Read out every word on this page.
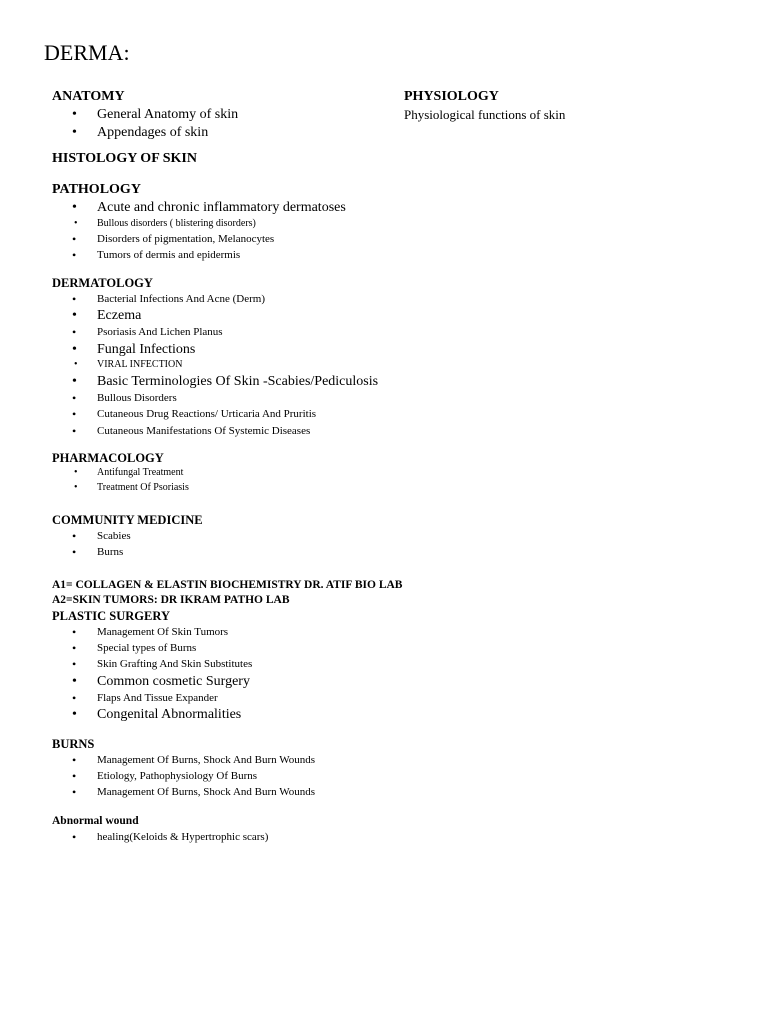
DERMA:
ANATOMY
• General Anatomy of skin
• Appendages of skin
HISTOLOGY OF SKIN
PATHOLOGY
• Acute and chronic inflammatory dermatoses
• Bullous disorders ( blistering disorders)
• Disorders of pigmentation, Melanocytes
• Tumors of dermis and epidermis
DERMATOLOGY
• Bacterial Infections And Acne (Derm)
• Eczema
• Psoriasis And Lichen Planus
• Fungal Infections
• VIRAL INFECTION
• Basic Terminologies Of Skin -Scabies/Pediculosis
• Bullous Disorders
• Cutaneous Drug Reactions/ Urticaria And Pruritis
• Cutaneous Manifestations Of Systemic Diseases
PHARMACOLOGY
• Antifungal Treatment
• Treatment Of Psoriasis
COMMUNITY MEDICINE
• Scabies
• Burns
A1= COLLAGEN & ELASTIN BIOCHEMISTRY DR. ATIF BIO LAB
A2=SKIN TUMORS: DR IKRAM PATHO LAB
PLASTIC SURGERY
• Management Of Skin Tumors
• Special types of Burns
• Skin Grafting And Skin Substitutes
• Common cosmetic Surgery
• Flaps And Tissue Expander
• Congenital Abnormalities
BURNS
• Management Of Burns, Shock And Burn Wounds
• Etiology, Pathophysiology Of Burns
• Management Of Burns, Shock And Burn Wounds
Abnormal wound
• healing(Keloids & Hypertrophic scars)
PHYSIOLOGY
Physiological functions of skin
